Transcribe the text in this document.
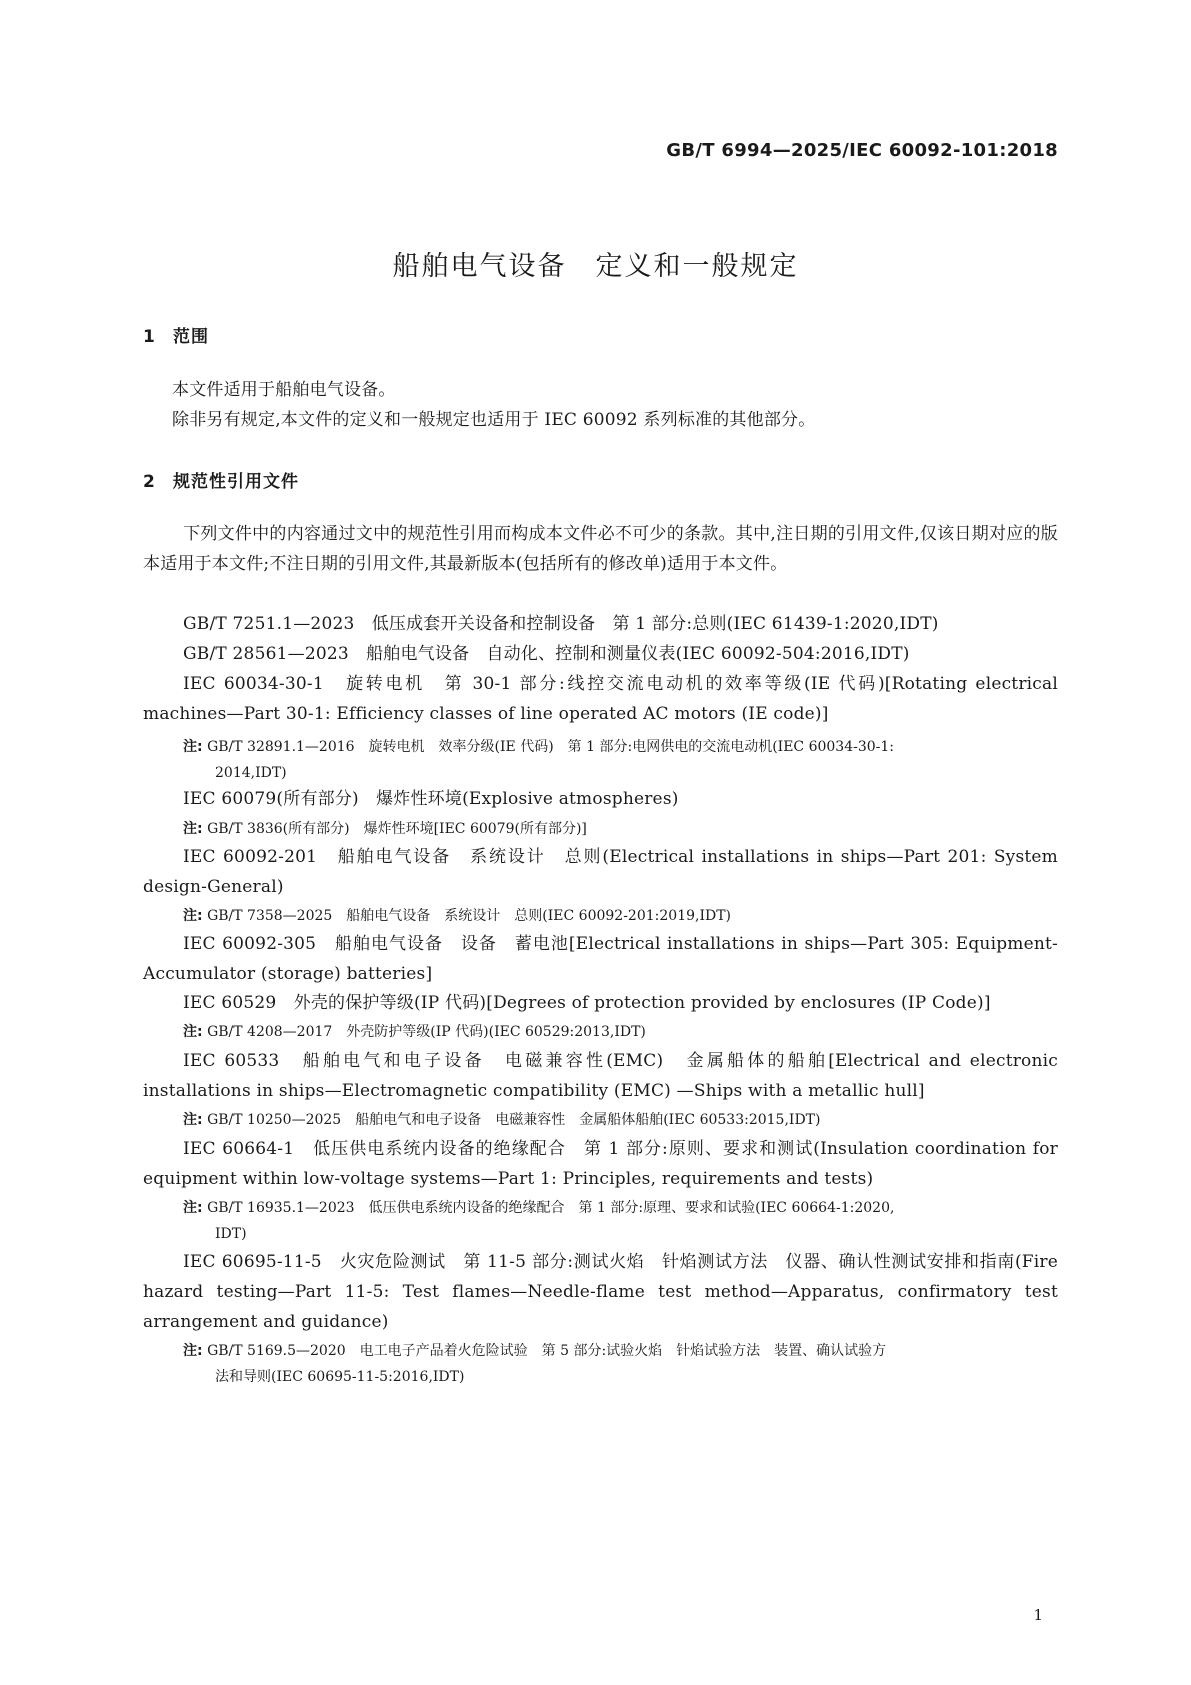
GB/T 6994—2025/IEC 60092-101:2018
船舶电气设备　定义和一般规定
1 范围
本文件适用于船舶电气设备。
除非另有规定,本文件的定义和一般规定也适用于 IEC 60092 系列标准的其他部分。
2 规范性引用文件
下列文件中的内容通过文中的规范性引用而构成本文件必不可少的条款。其中,注日期的引用文件,仅该日期对应的版本适用于本文件;不注日期的引用文件,其最新版本(包括所有的修改单)适用于本文件。
GB/T 7251.1—2023　低压成套开关设备和控制设备　第 1 部分:总则(IEC 61439-1:2020,IDT)
GB/T 28561—2023　船舶电气设备　自动化、控制和测量仪表(IEC 60092-504:2016,IDT)
IEC 60034-30-1　旋转电机　第 30-1 部分:线控交流电动机的效率等级(IE 代码)[Rotating electrical machines—Part 30-1: Efficiency classes of line operated AC motors (IE code)]
注: GB/T 32891.1—2016　旋转电机　效率分级(IE 代码)　第 1 部分:电网供电的交流电动机(IEC 60034-30-1:
2014,IDT)
IEC 60079(所有部分)　爆炸性环境(Explosive atmospheres)
注: GB/T 3836(所有部分)　爆炸性环境[IEC 60079(所有部分)]
IEC 60092-201　船舶电气设备　系统设计　总则(Electrical installations in ships—Part 201: System design-General)
注: GB/T 7358—2025　船舶电气设备　系统设计　总则(IEC 60092-201:2019,IDT)
IEC 60092-305　船舶电气设备　设备　蓄电池[Electrical installations in ships—Part 305: Equipment-Accumulator (storage) batteries]
IEC 60529　外壳的保护等级(IP 代码)[Degrees of protection provided by enclosures (IP Code)]
注: GB/T 4208—2017　外壳防护等级(IP 代码)(IEC 60529:2013,IDT)
IEC 60533　船舶电气和电子设备　电磁兼容性(EMC)　金属船体的船舶[Electrical and electronic installations in ships—Electromagnetic compatibility (EMC) —Ships with a metallic hull]
注: GB/T 10250—2025　船舶电气和电子设备　电磁兼容性　金属船体船舶(IEC 60533:2015,IDT)
IEC 60664-1　低压供电系统内设备的绝缘配合　第 1 部分:原则、要求和测试(Insulation coordination for equipment within low-voltage systems—Part 1: Principles, requirements and tests)
注: GB/T 16935.1—2023　低压供电系统内设备的绝缘配合　第 1 部分:原理、要求和试验(IEC 60664-1:2020,
IDT)
IEC 60695-11-5　火灾危险测试　第 11-5 部分:测试火焰　针焰测试方法　仪器、确认性测试安排和指南(Fire hazard testing—Part 11-5: Test flames—Needle-flame test method—Apparatus, confirmatory test arrangement and guidance)
注: GB/T 5169.5—2020　电工电子产品着火危险试验　第 5 部分:试验火焰　针焰试验方法　装置、确认试验方
法和导则(IEC 60695-11-5:2016,IDT)
1
